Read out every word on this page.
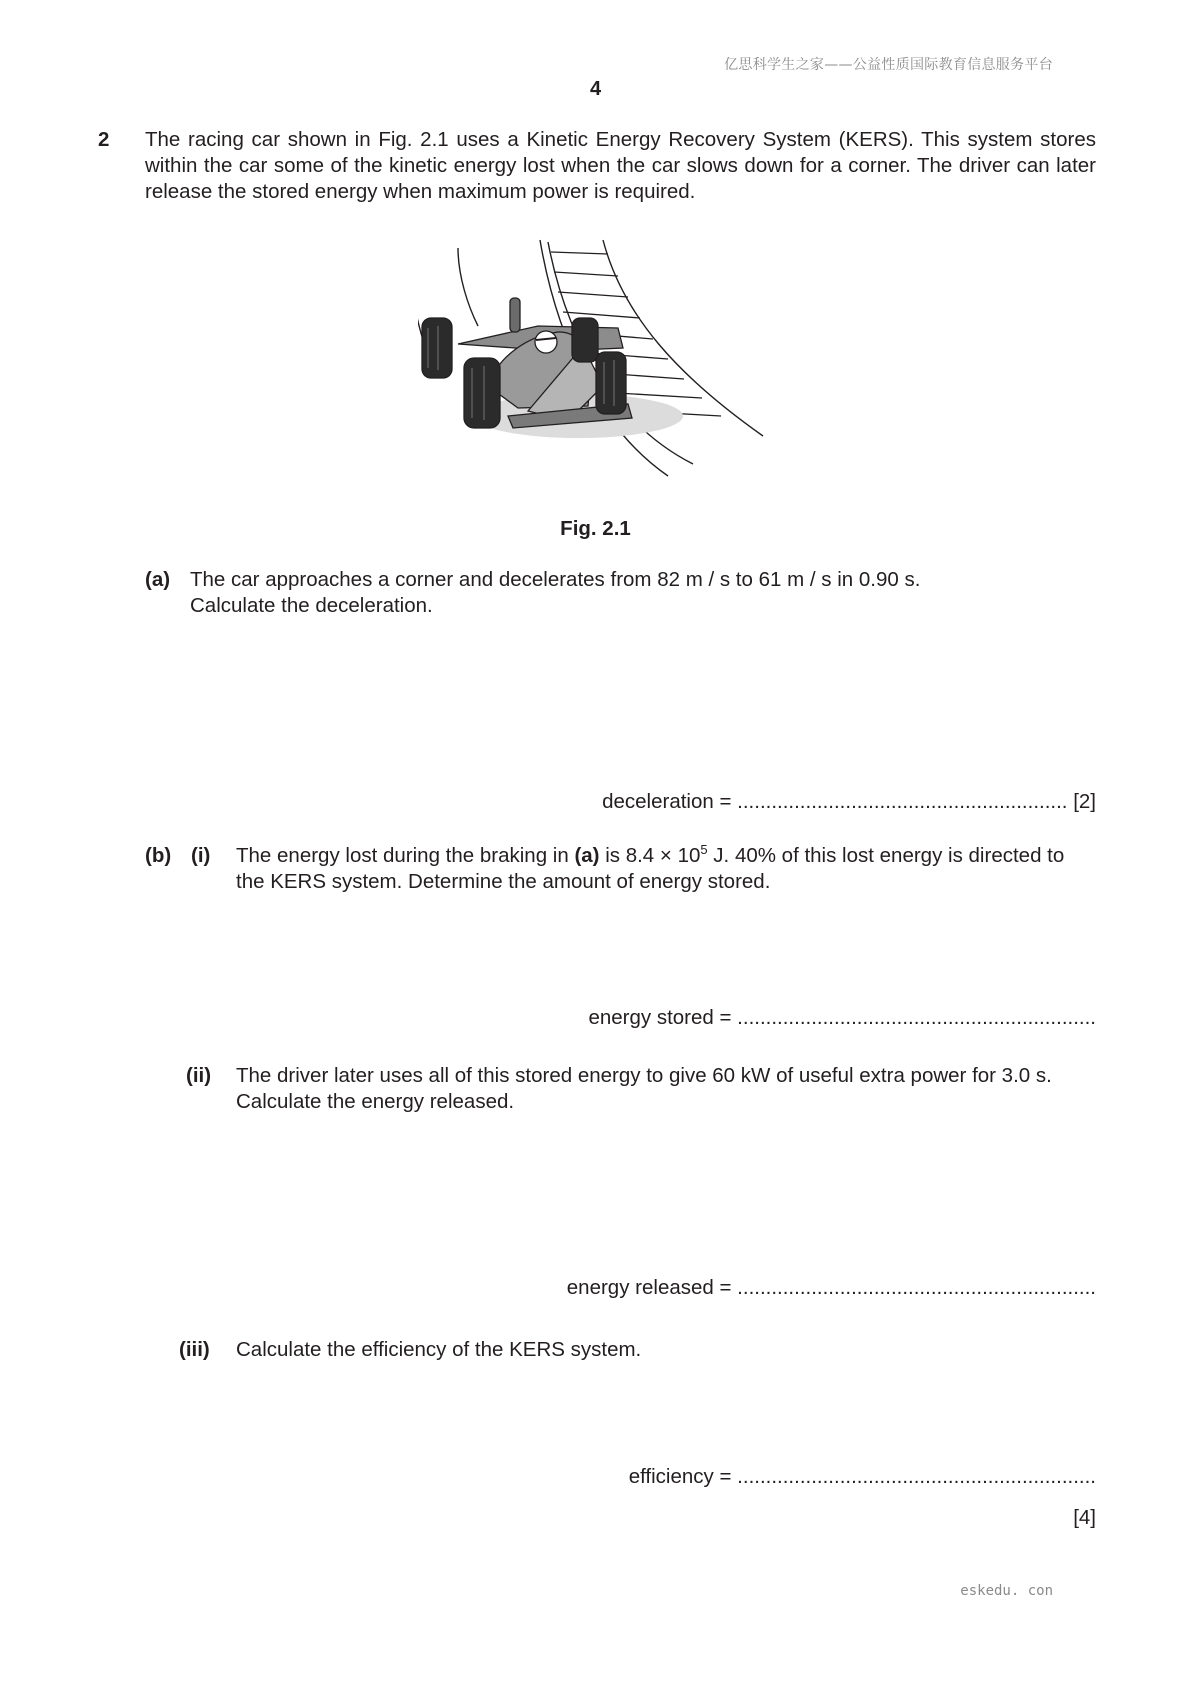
亿思科学生之家——公益性质国际教育信息服务平台
4
2 The racing car shown in Fig. 2.1 uses a Kinetic Energy Recovery System (KERS). This system stores within the car some of the kinetic energy lost when the car slows down for a corner. The driver can later release the stored energy when maximum power is required.
Fig. 2.1
(a) The car approaches a corner and decelerates from 82 m / s to 61 m / s in 0.90 s.
Calculate the deceleration.
deceleration = .......................................................... [2]
(b) (i) The energy lost during the braking in (a) is $8.4 \times 10^5$ J. 40% of this lost energy is directed to the KERS system. Determine the amount of energy stored.
energy stored = ...............................................................
(ii) The driver later uses all of this stored energy to give 60 kW of useful extra power for 3.0 s.
Calculate the energy released.
energy released = ...............................................................
(iii) Calculate the efficiency of the KERS system.
efficiency = ...............................................................
[4]
eskedu. con
